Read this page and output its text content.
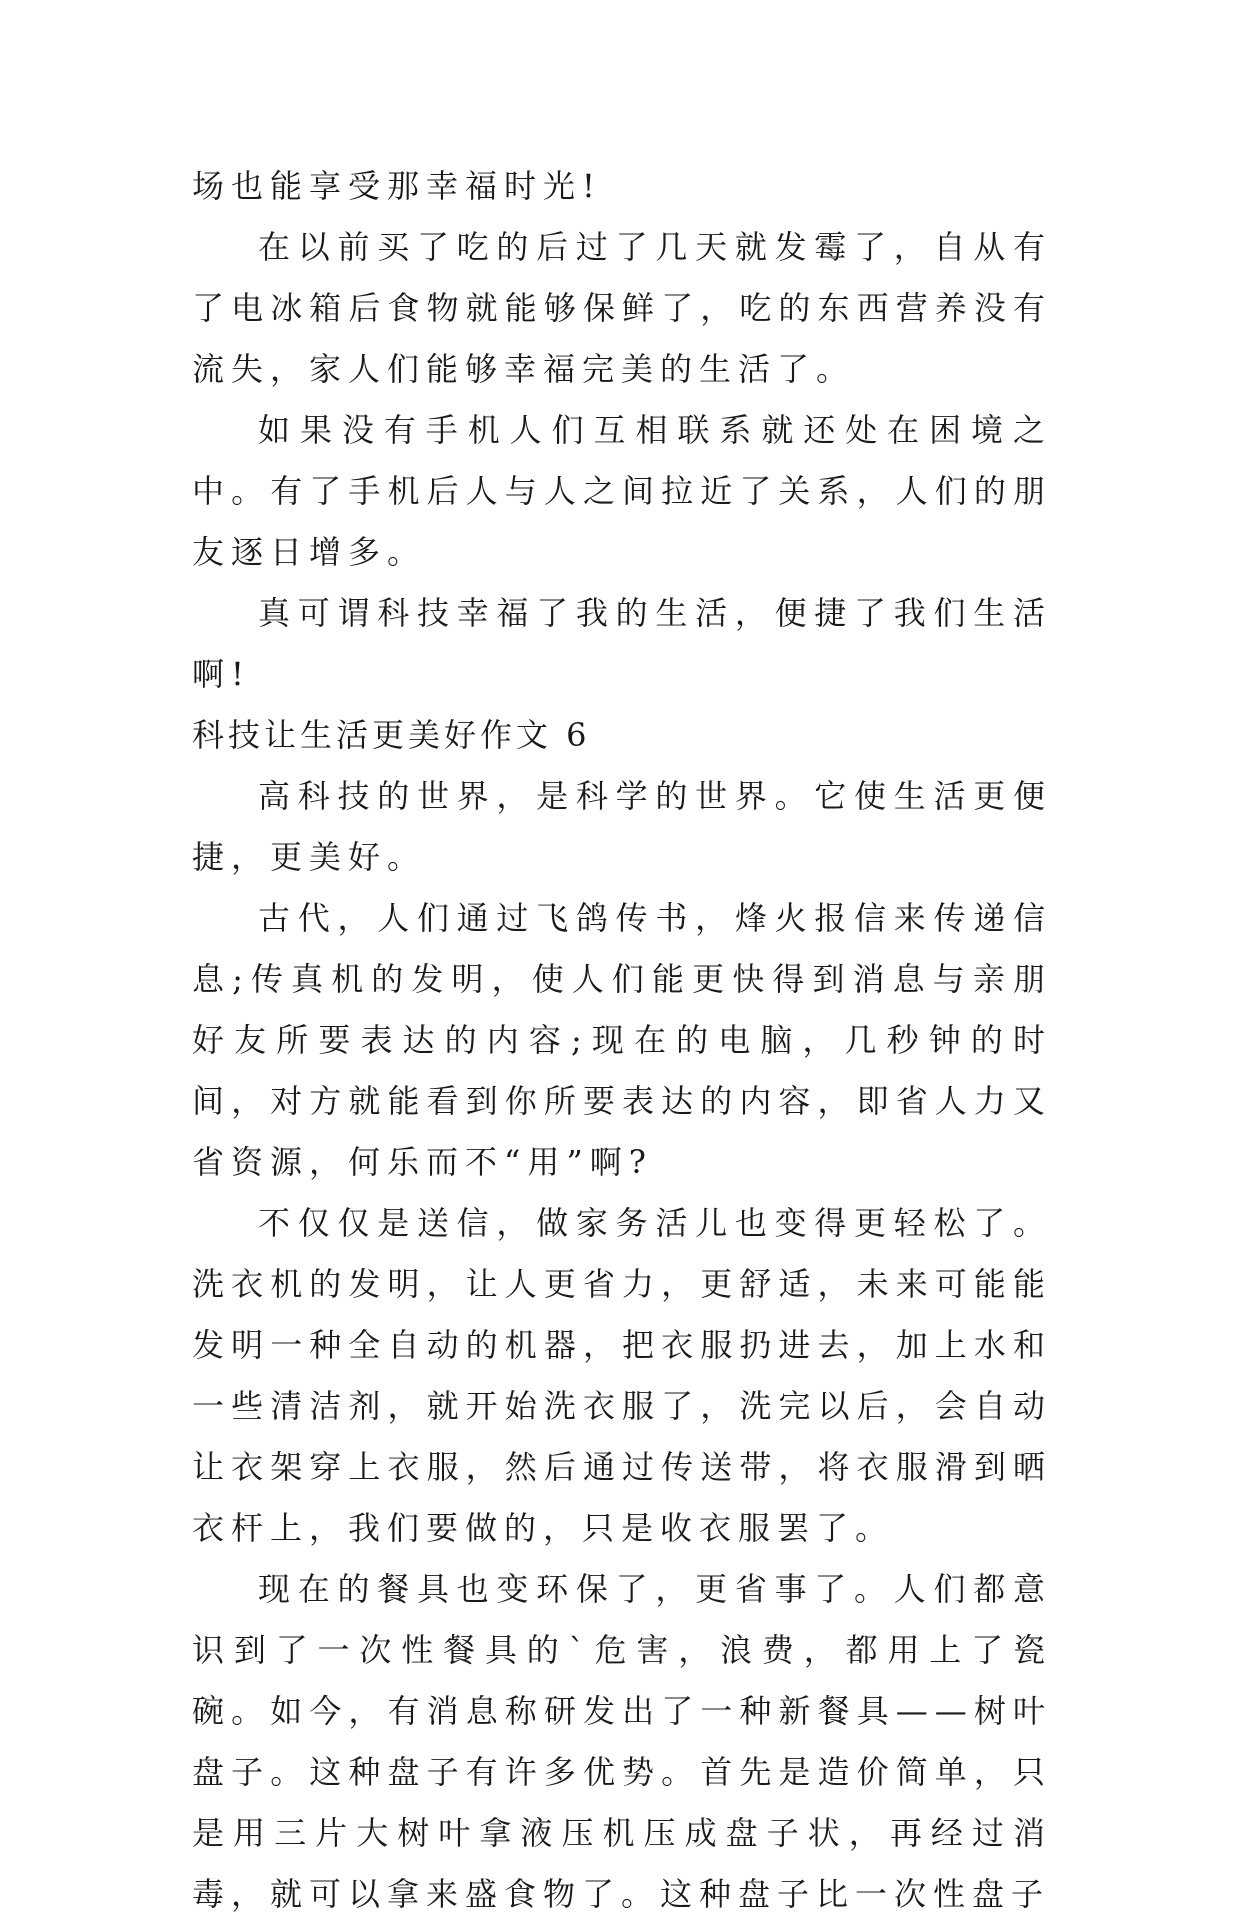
场也能享受那幸福时光!

在以前买了吃的后过了几天就发霉了，自从有了电冰箱后食物就能够保鲜了，吃的东西营养没有流失，家人们能够幸福完美的生活了。

如果没有手机人们互相联系就还处在困境之中。有了手机后人与人之间拉近了关系，人们的朋友逐日增多。

真可谓科技幸福了我的生活，便捷了我们生活啊!

科技让生活更美好作文 6

高科技的世界，是科学的世界。它使生活更便捷，更美好。

古代，人们通过飞鸽传书，烽火报信来传递信息;传真机的发明，使人们能更快得到消息与亲朋好友所要表达的内容;现在的电脑，几秒钟的时间，对方就能看到你所要表达的内容，即省人力又省资源，何乐而不“用”啊?

不仅仅是送信，做家务活儿也变得更轻松了。洗衣机的发明，让人更省力，更舒适，未来可能能发明一种全自动的机器，把衣服扔进去，加上水和一些清洁剂，就开始洗衣服了，洗完以后，会自动让衣架穿上衣服，然后通过传送带，将衣服滑到晒衣杆上，我们要做的，只是收衣服罢了。

现在的餐具也变环保了，更省事了。人们都意识到了一次性餐具的`危害，浪费，都用上了瓷碗。如今，有消息称研发出了一种新餐具——树叶盘子。这种盘子有许多优势。首先是造价简单，只是用三片大树叶拿液压机压成盘子状，再经过消毒，就可以拿来盛食物了。这种盘子比一次性盘子
